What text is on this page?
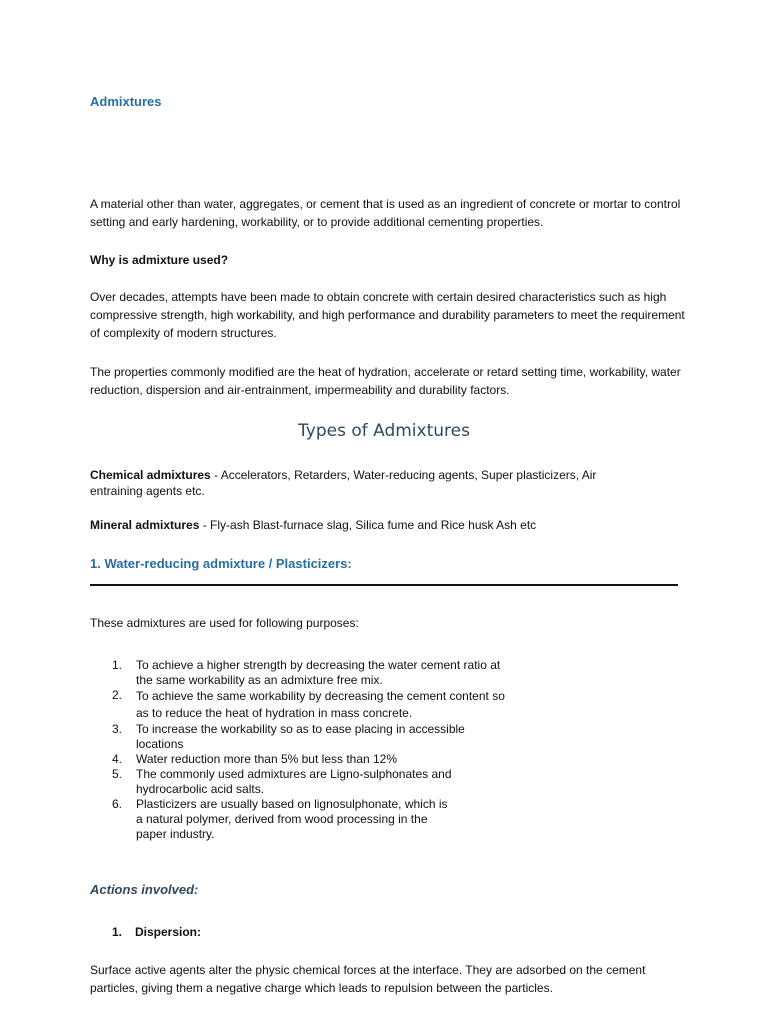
Admixtures

A material other than water, aggregates, or cement that is used as an ingredient of concrete or mortar to control setting and early hardening, workability, or to provide additional cementing properties.

Why is admixture used?

Over decades, attempts have been made to obtain concrete with certain desired characteristics such as high compressive strength, high workability, and high performance and durability parameters to meet the requirement of complexity of modern structures.

The properties commonly modified are the heat of hydration, accelerate or retard setting time, workability, water reduction, dispersion and air-entrainment, impermeability and durability factors.

Types of Admixtures
Chemical admixtures - Accelerators, Retarders, Water-reducing agents, Super plasticizers, Air entraining agents etc.
Mineral admixtures - Fly-ash Blast-furnace slag, Silica fume and Rice husk Ash etc
1. Water-reducing admixture / Plasticizers:
These admixtures are used for following purposes:
1. To achieve a higher strength by decreasing the water cement ratio at the same workability as an admixture free mix.
2. To achieve the same workability by decreasing the cement content so as to reduce the heat of hydration in mass concrete.
3. To increase the workability so as to ease placing in accessible locations
4. Water reduction more than 5% but less than 12%
5. The commonly used admixtures are Ligno-sulphonates and hydrocarbolic acid salts.
6. Plasticizers are usually based on lignosulphonate, which is a natural polymer, derived from wood processing in the paper industry.
Actions involved:
1. Dispersion:

Surface active agents alter the physic chemical forces at the interface. They are adsorbed on the cement particles, giving them a negative charge which leads to repulsion between the particles.
